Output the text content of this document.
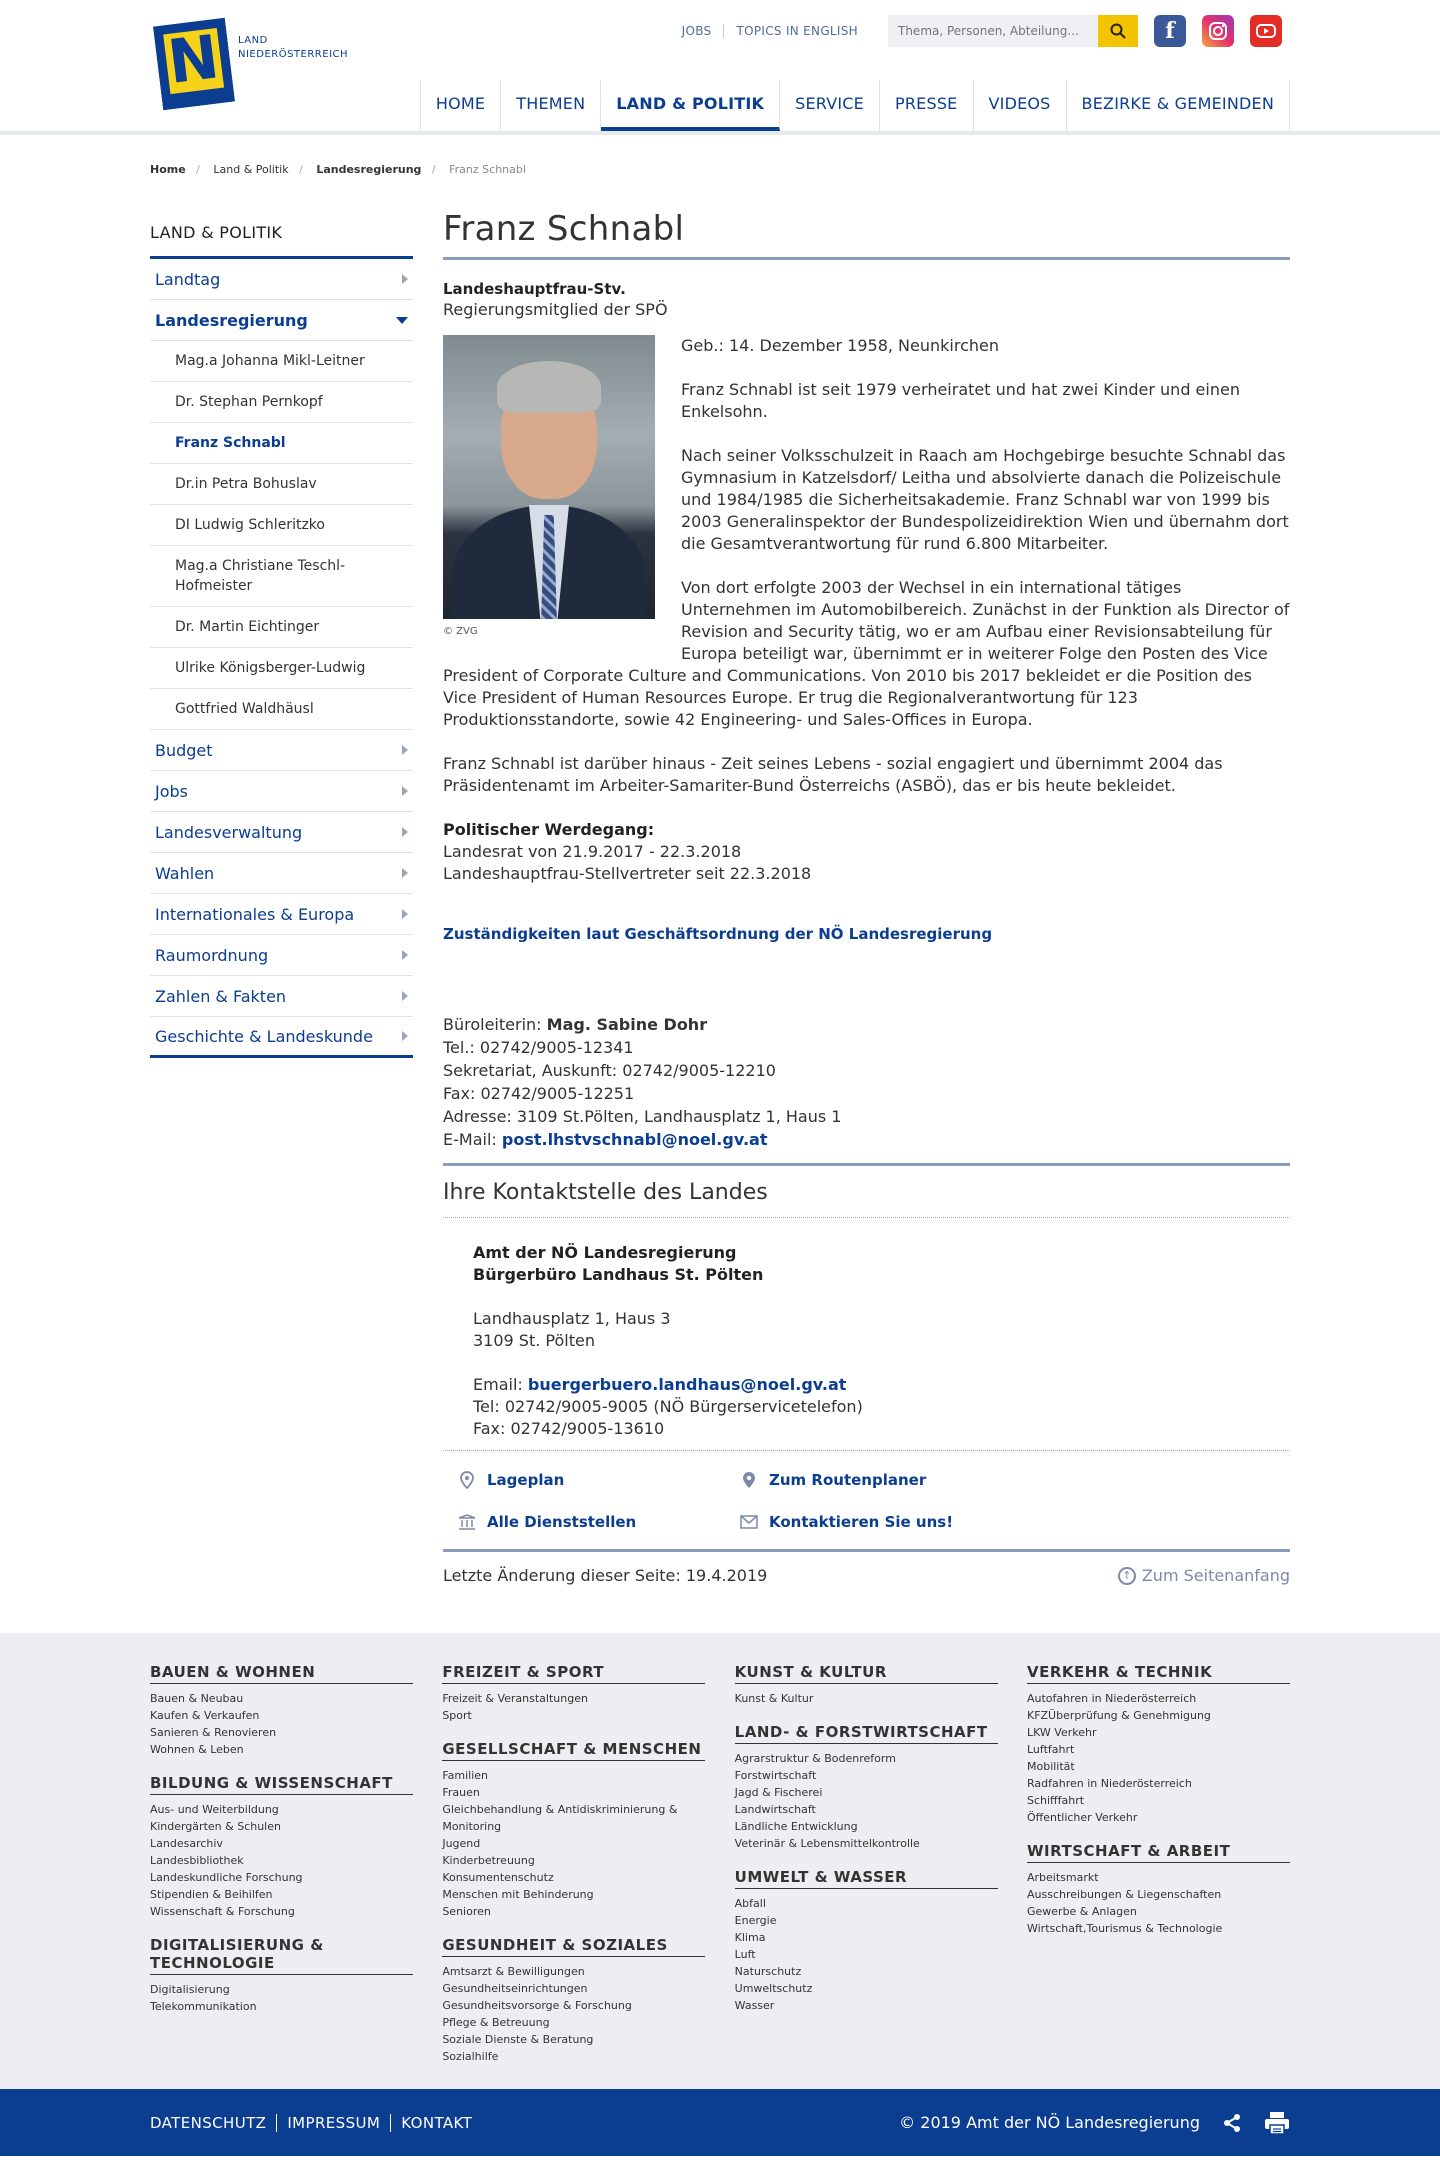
N LAND
NIEDERÖSTERREICH
JOBS	TOPICS IN ENGLISH
Thema, Personen, Abteilung...	f
HOME	THEMEN	LAND & POLITIK	SERVICE	PRESSE	VIDEOS	BEZIRKE & GEMEINDEN
Home   / Land & Politik   / Landesregierung   / Franz Schnabl
LAND & POLITIK
Landtag
Landesregierung
Mag.a Johanna Mikl-Leitner
Dr. Stephan Pernkopf
Franz Schnabl
Dr.in Petra Bohuslav
DI Ludwig Schleritzko
Mag.a Christiane Teschl-Hofmeister
Dr. Martin Eichtinger
Ulrike Königsberger-Ludwig
Gottfried Waldhäusl
Budget
Jobs
Landesverwaltung
Wahlen
Internationales & Europa
Raumordnung
Zahlen & Fakten
Geschichte & Landeskunde
Franz Schnabl
Landeshauptfrau-Stv.
Regierungsmitglied der SPÖ
© ZVG

Geb.: 14. Dezember 1958, Neunkirchen

Franz Schnabl ist seit 1979 verheiratet und hat zwei Kinder und einen Enkelsohn.

Nach seiner Volksschulzeit in Raach am Hochgebirge besuchte Schnabl das Gymnasium in Katzelsdorf/ Leitha und absolvierte danach die Polizeischule und 1984/1985 die Sicherheitsakademie. Franz Schnabl war von 1999 bis 2003 Generalinspektor der Bundespolizeidirektion Wien und übernahm dort die Gesamtverantwortung für rund 6.800 Mitarbeiter.

Von dort erfolgte 2003 der Wechsel in ein international tätiges Unternehmen im Automobilbereich. Zunächst in der Funktion als Director of Revision and Security tätig, wo er am Aufbau einer Revisionsabteilung für Europa beteiligt war, übernimmt er in weiterer Folge den Posten des Vice President of Corporate Culture and Communications. Von 2010 bis 2017 bekleidet er die Position des Vice President of Human Resources Europe. Er trug die Regionalverantwortung für 123 Produktionsstandorte, sowie 42 Engineering- und Sales-Offices in Europa.

Franz Schnabl ist darüber hinaus - Zeit seines Lebens - sozial engagiert und übernimmt 2004 das Präsidentenamt im Arbeiter-Samariter-Bund Österreichs (ASBÖ), das er bis heute bekleidet.

Politischer Werdegang:
Landesrat von 21.9.2017 - 22.3.2018
Landeshauptfrau-Stellvertreter seit 22.3.2018
Zuständigkeiten laut Geschäftsordnung der NÖ Landesregierung
Büroleiterin: Mag. Sabine Dohr
Tel.: 02742/9005-12341
Sekretariat, Auskunft: 02742/9005-12210
Fax: 02742/9005-12251
Adresse: 3109 St.Pölten, Landhausplatz 1, Haus 1
E-Mail: post.lhstvschnabl@noel.gv.at
Ihre Kontaktstelle des Landes
Amt der NÖ Landesregierung
Bürgerbüro Landhaus St. Pölten
Landhausplatz 1, Haus 3
3109 St. Pölten
Email: buergerbuero.landhaus@noel.gv.at
Tel: 02742/9005-9005 (NÖ Bürgerservicetelefon)
Fax: 02742/9005-13610
Lageplan	Zum Routenplaner
Alle Dienststellen	Kontaktieren Sie uns!
Letzte Änderung dieser Seite: 19.4.2019	↑ Zum Seitenanfang
BAUEN & WOHNEN
Bauen & Neubau
Kaufen & Verkaufen
Sanieren & Renovieren
Wohnen & Leben
BILDUNG & WISSENSCHAFT
Aus- und Weiterbildung
Kindergärten & Schulen
Landesarchiv
Landesbibliothek
Landeskundliche Forschung
Stipendien & Beihilfen
Wissenschaft & Forschung
DIGITALISIERUNG & TECHNOLOGIE
Digitalisierung
Telekommunikation
FREIZEIT & SPORT
Freizeit & Veranstaltungen
Sport
GESELLSCHAFT & MENSCHEN
Familien
Frauen
Gleichbehandlung & Antidiskriminierung & Monitoring
Jugend
Kinderbetreuung
Konsumentenschutz
Menschen mit Behinderung
Senioren
GESUNDHEIT & SOZIALES
Amtsarzt & Bewilligungen
Gesundheitseinrichtungen
Gesundheitsvorsorge & Forschung
Pflege & Betreuung
Soziale Dienste & Beratung
Sozialhilfe
KUNST & KULTUR
Kunst & Kultur
LAND- & FORSTWIRTSCHAFT
Agrarstruktur & Bodenreform
Forstwirtschaft
Jagd & Fischerei
Landwirtschaft
Ländliche Entwicklung
Veterinär & Lebensmittelkontrolle
UMWELT & WASSER
Abfall
Energie
Klima
Luft
Naturschutz
Umweltschutz
Wasser
VERKEHR & TECHNIK
Autofahren in Niederösterreich
KFZÜberprüfung & Genehmigung
LKW Verkehr
Luftfahrt
Mobilität
Radfahren in Niederösterreich
Schifffahrt
Öffentlicher Verkehr
WIRTSCHAFT & ARBEIT
Arbeitsmarkt
Ausschreibungen & Liegenschaften
Gewerbe & Anlagen
Wirtschaft,Tourismus & Technologie
DATENSCHUTZ	IMPRESSUM	KONTAKT	© 2019 Amt der NÖ Landesregierung
